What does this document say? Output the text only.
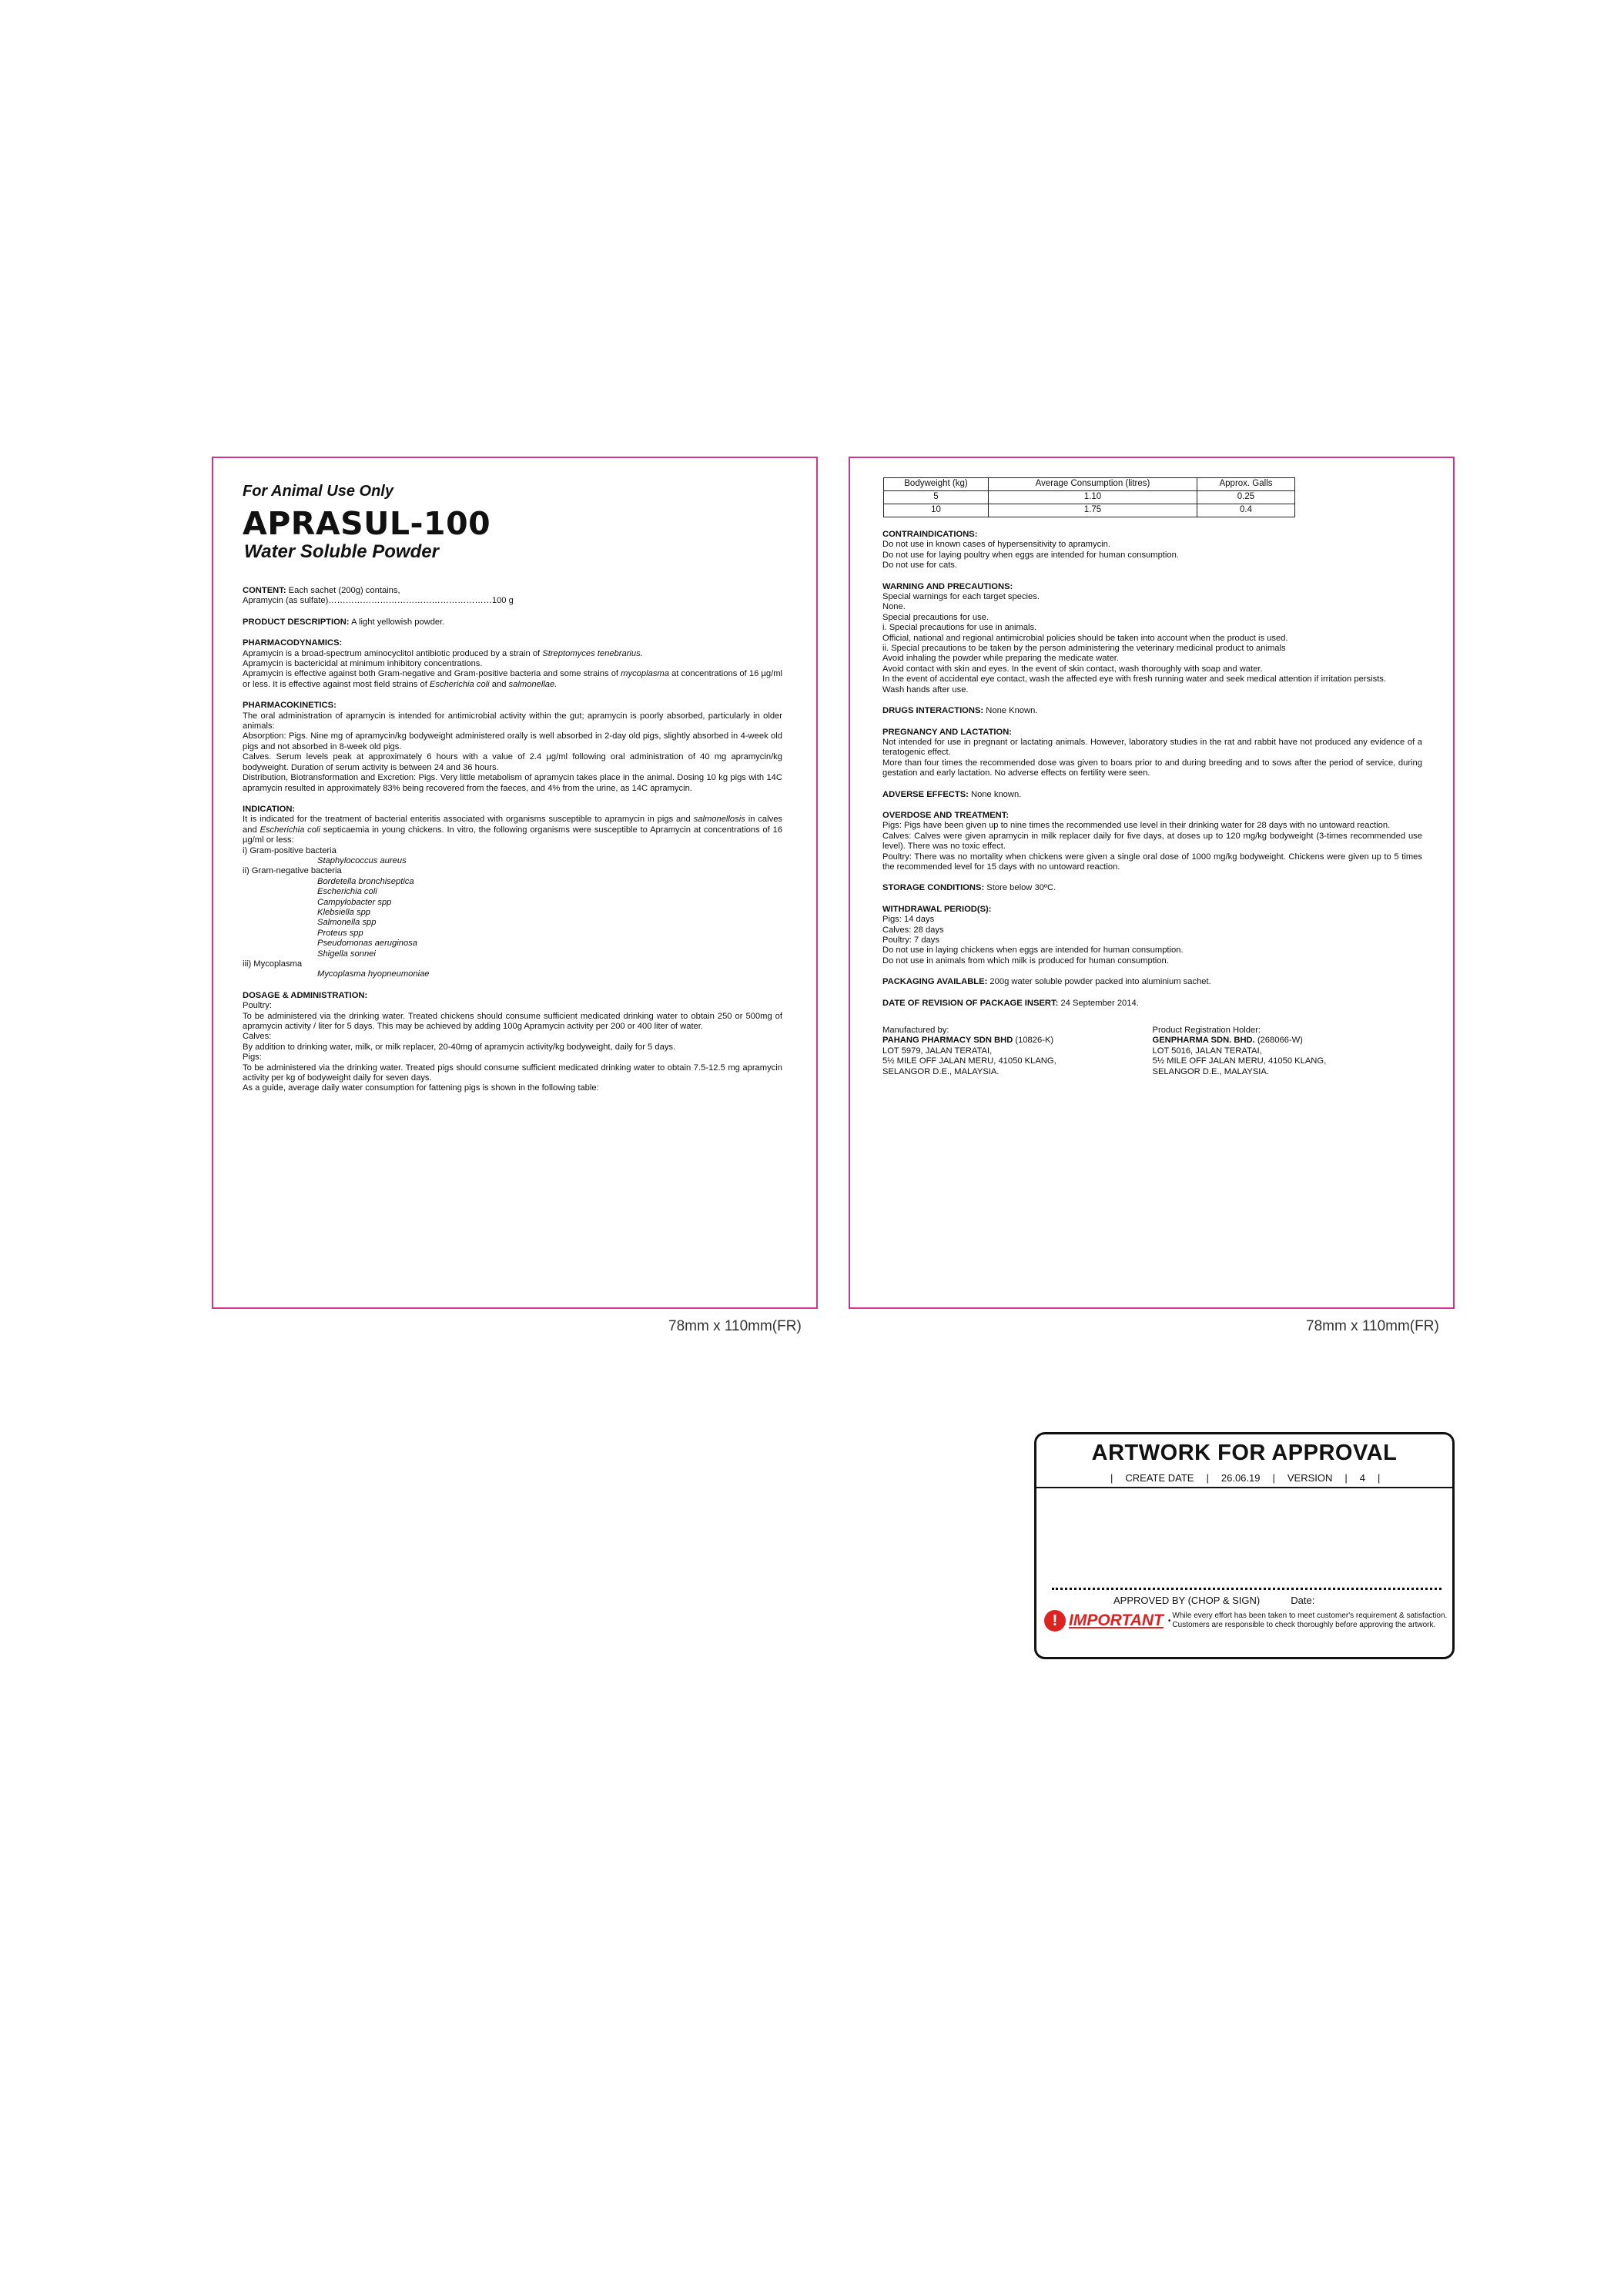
For Animal Use Only

APRASUL-100

Water Soluble Powder

CONTENT: Each sachet (200g) contains,

Apramycin (as sulfate)…………………………………………………100 g

PRODUCT DESCRIPTION: A light yellowish powder.

PHARMACODYNAMICS:

Apramycin is a broad-spectrum aminocyclitol antibiotic produced by a strain of Streptomyces tenebrarius.

Apramycin is bactericidal at minimum inhibitory concentrations.

Apramycin is effective against both Gram-negative and Gram-positive bacteria and some strains of mycoplasma at concentrations of 16 µg/ml or less. It is effective against most field strains of Escherichia coli and salmonellae.

PHARMACOKINETICS:

The oral administration of apramycin is intended for antimicrobial activity within the gut; apramycin is poorly absorbed, particularly in older animals:

Absorption: Pigs. Nine mg of apramycin/kg bodyweight administered orally is well absorbed in 2-day old pigs, slightly absorbed in 4-week old pigs and not absorbed in 8-week old pigs.

Calves. Serum levels peak at approximately 6 hours with a value of 2.4 µg/ml following oral administration of 40 mg apramycin/kg bodyweight. Duration of serum activity is between 24 and 36 hours.

Distribution, Biotransformation and Excretion: Pigs. Very little metabolism of apramycin takes place in the animal. Dosing 10 kg pigs with 14C apramycin resulted in approximately 83% being recovered from the faeces, and 4% from the urine, as 14C apramycin.

INDICATION:

It is indicated for the treatment of bacterial enteritis associated with organisms susceptible to apramycin in pigs and salmonellosis in calves and Escherichia coli septicaemia in young chickens. In vitro, the following organisms were susceptible to Apramycin at concentrations of 16 µg/ml or less:

i) Gram-positive bacteria

Staphylococcus aureus

ii) Gram-negative bacteria

Bordetella bronchiseptica

Escherichia coli

Campylobacter spp

Klebsiella spp

Salmonella spp

Proteus spp

Pseudomonas aeruginosa

Shigella sonnei

iii) Mycoplasma

Mycoplasma hyopneumoniae

DOSAGE & ADMINISTRATION:

Poultry:

To be administered via the drinking water. Treated chickens should consume sufficient medicated drinking water to obtain 250 or 500mg of apramycin activity / liter for 5 days. This may be achieved by adding 100g Apramycin activity per 200 or 400 liter of water.

Calves:

By addition to drinking water, milk, or milk replacer, 20-40mg of apramycin activity/kg bodyweight, daily for 5 days.

Pigs:

To be administered via the drinking water. Treated pigs should consume sufficient medicated drinking water to obtain 7.5-12.5 mg apramycin activity per kg of bodyweight daily for seven days.

As a guide, average daily water consumption for fattening pigs is shown in the following table:

78mm x 110mm(FR)
Bodyweight (kg)	Average Consumption (litres)	Approx. Galls
5	1.10	0.25
10	1.75	0.4

CONTRAINDICATIONS:

Do not use in known cases of hypersensitivity to apramycin.

Do not use for laying poultry when eggs are intended for human consumption.

Do not use for cats.

WARNING AND PRECAUTIONS:

Special warnings for each target species.

None.

Special precautions for use.

i. Special precautions for use in animals.

Official, national and regional antimicrobial policies should be taken into account when the product is used.

ii. Special precautions to be taken by the person administering the veterinary medicinal product to animals

Avoid inhaling the powder while preparing the medicate water.

Avoid contact with skin and eyes. In the event of skin contact, wash thoroughly with soap and water.

In the event of accidental eye contact, wash the affected eye with fresh running water and seek medical attention if irritation persists.

Wash hands after use.

DRUGS INTERACTIONS: None Known.

PREGNANCY AND LACTATION:

Not intended for use in pregnant or lactating animals. However, laboratory studies in the rat and rabbit have not produced any evidence of a teratogenic effect.

More than four times the recommended dose was given to boars prior to and during breeding and to sows after the period of service, during gestation and early lactation. No adverse effects on fertility were seen.

ADVERSE EFFECTS: None known.

OVERDOSE AND TREATMENT:

Pigs: Pigs have been given up to nine times the recommended use level in their drinking water for 28 days with no untoward reaction.

Calves: Calves were given apramycin in milk replacer daily for five days, at doses up to 120 mg/kg bodyweight (3-times recommended use level). There was no toxic effect.

Poultry: There was no mortality when chickens were given a single oral dose of 1000 mg/kg bodyweight. Chickens were given up to 5 times the recommended level for 15 days with no untoward reaction.

STORAGE CONDITIONS: Store below 30ºC.

WITHDRAWAL PERIOD(S):

Pigs: 14 days

Calves: 28 days

Poultry: 7 days

Do not use in laying chickens when eggs are intended for human consumption.

Do not use in animals from which milk is produced for human consumption.

PACKAGING AVAILABLE: 200g water soluble powder packed into aluminium sachet.

DATE OF REVISION OF PACKAGE INSERT: 24 September 2014.

Manufactured by:

PAHANG PHARMACY SDN BHD (10826-K)

LOT 5979, JALAN TERATAI,

5½ MILE OFF JALAN MERU, 41050 KLANG,

SELANGOR D.E., MALAYSIA.

Product Registration Holder:

GENPHARMA SDN. BHD. (268066-W)

LOT 5016, JALAN TERATAI,

5½ MILE OFF JALAN MERU, 41050 KLANG,

SELANGOR D.E., MALAYSIA.

78mm x 110mm(FR)
ARTWORK FOR APPROVAL
|	CREATE DATE	|	26.06.19	|	VERSION	|	4	|
APPROVED BY (CHOP & SIGN)	Date:
! IMPORTANT •
While every effort has been taken to meet customer's requirement & satisfaction. Customers are responsible to check thoroughly before approving the artwork.
